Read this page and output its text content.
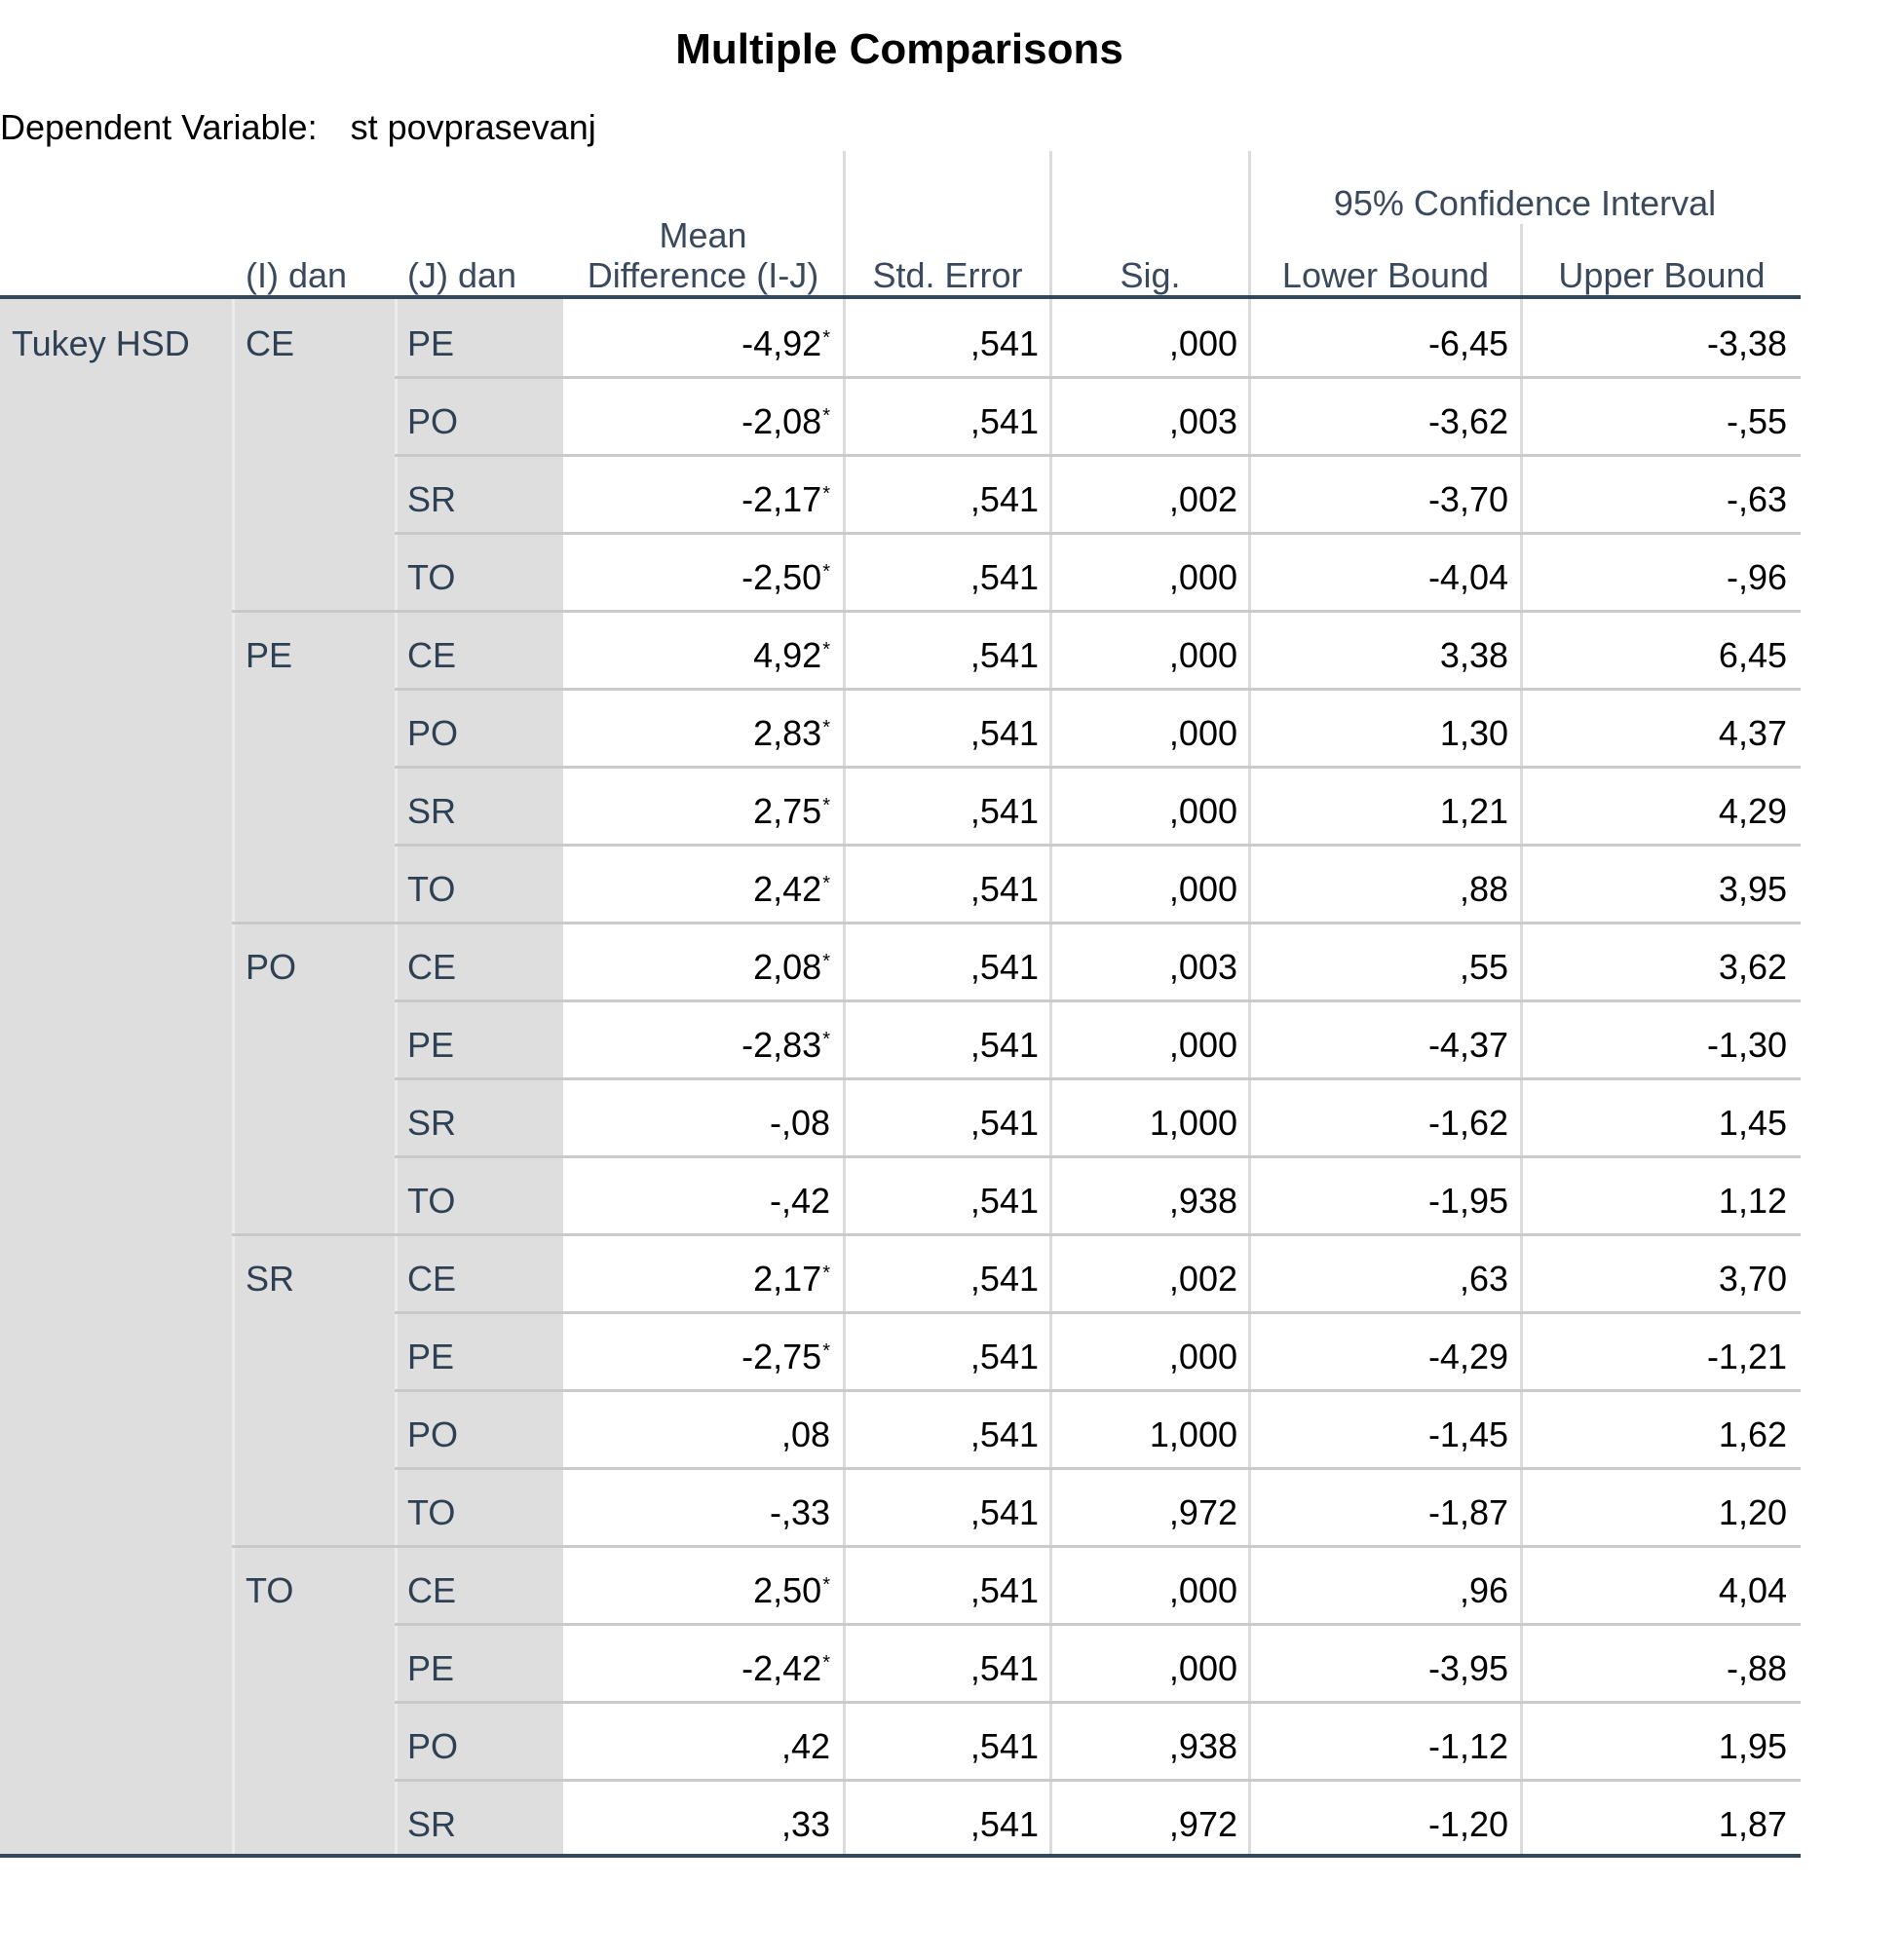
Multiple Comparisons
Dependent Variable: st povprasevanj
95% Confidence Interval
Mean
(I) dan (J) dan	Difference (I-J)	Std. Error	Sig.	Lower Bound	Upper Bound
Tukey HSD CE	PE	-4,92*	,541	,000	-6,45	-3,38
PO	-2,08*	,541	,003	-3,62	-,55
SR	-2,17*	,541	,002	-3,70	-,63
TO	-2,50*	,541	,000	-4,04	-,96
PE	CE	4,92*	,541	,000	3,38	6,45
PO	2,83*	,541	,000	1,30	4,37
SR	2,75*	,541	,000	1,21	4,29
TO	2,42*	,541	,000	,88	3,95
PO	CE	2,08*	,541	,003	,55	3,62
PE	-2,83*	,541	,000	-4,37	-1,30
SR	-,08	,541	1,000	-1,62	1,45
TO	-,42	,541	,938	-1,95	1,12
SR	CE	2,17*	,541	,002	,63	3,70
PE	-2,75*	,541	,000	-4,29	-1,21
PO	,08	,541	1,000	-1,45	1,62
TO	-,33	,541	,972	-1,87	1,20
TO	CE	2,50*	,541	,000	,96	4,04
PE	-2,42*	,541	,000	-3,95	-,88
PO	,42	,541	,938	-1,12	1,95
SR	,33	,541	,972	-1,20	1,87
